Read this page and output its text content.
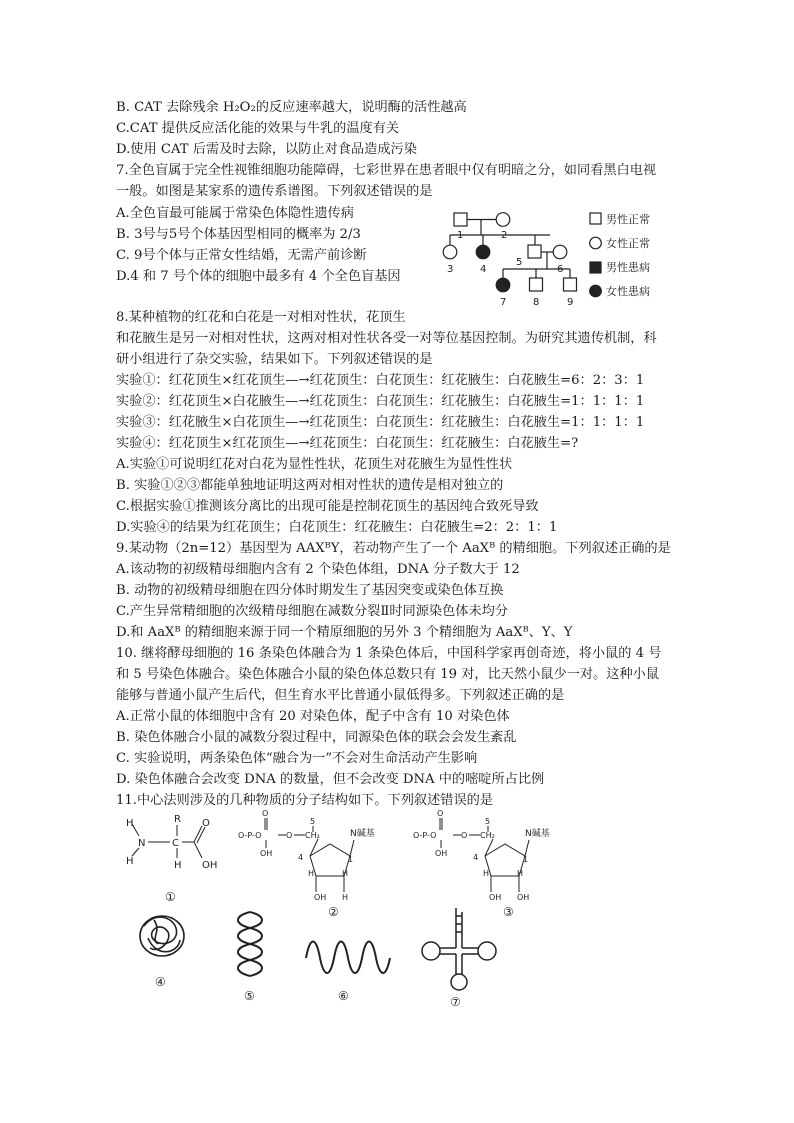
B. CAT 去除残余 H₂O₂的反应速率越大，说明酶的活性越高
C.CAT 提供反应活化能的效果与牛乳的温度有关
D.使用 CAT 后需及时去除，以防止对食品造成污染
7.全色盲属于完全性视锥细胞功能障碍，七彩世界在患者眼中仅有明暗之分，如同看黑白电视
一般。如图是某家系的遗传系谱图。下列叙述错误的是
A.全色盲最可能属于常染色体隐性遗传病
B. 3号与5号个体基因型相同的概率为 2/3
C. 9号个体与正常女性结婚，无需产前诊断
D.4 和 7 号个体的细胞中最多有 4 个全色盲基因
1	2
3	4
5
6
7	8	9
男性正常
女性正常
男性患病
女性患病
8.某种植物的红花和白花是一对相对性状，花顶生
和花腋生是另一对相对性状，这两对相对性状各受一对等位基因控制。为研究其遗传机制，科
研小组进行了杂交实验，结果如下。下列叙述错误的是
实验①：红花顶生×红花顶生—→红花顶生：白花顶生：红花腋生：白花腋生=6：2：3：1
实验②：红花顶生×白花腋生—→红花顶生：白花顶生：红花腋生：白花腋生=1：1：1：1
实验③：红花腋生×白花顶生—→红花顶生：白花顶生：红花腋生：白花腋生=1：1：1：1
实验④：红花顶生×红花顶生—→红花顶生：白花顶生：红花腋生：白花腋生=?
A.实验①可说明红花对白花为显性性状，花顶生对花腋生为显性性状
B. 实验①②③都能单独地证明这两对相对性状的遗传是相对独立的
C.根据实验①推测该分离比的出现可能是控制花顶生的基因纯合致死导致
D.实验④的结果为红花顶生；白花顶生：红花腋生：白花腋生=2：2：1：1
9.某动物（2n=12）基因型为 AAXᴮY，若动物产生了一个 AaXᴮ 的精细胞。下列叙述正确的是
A.该动物的初级精母细胞内含有 2 个染色体组，DNA 分子数大于 12
B. 动物的初级精母细胞在四分体时期发生了基因突变或染色体互换
C.产生异常精细胞的次级精母细胞在减数分裂Ⅱ时同源染色体未均分
D.和 AaXᴮ 的精细胞来源于同一个精原细胞的另外 3 个精细胞为 AaXᴮ、Y、Y
10. 继将酵母细胞的 16 条染色体融合为 1 条染色体后，中国科学家再创奇迹，将小鼠的 4 号
和 5 号染色体融合。染色体融合小鼠的染色体总数只有 19 对，比天然小鼠少一对。这种小鼠
能够与普通小鼠产生后代，但生育水平比普通小鼠低得多。下列叙述正确的是
A.正常小鼠的体细胞中含有 20 对染色体，配子中含有 10 对染色体
B. 染色体融合小鼠的减数分裂过程中，同源染色体的联会会发生紊乱
C. 实验说明，两条染色体“融合为一”不会对生命活动产生影响
D. 染色体融合会改变 DNA 的数量，但不会改变 DNA 中的嘧啶所占比例
11.中心法则涉及的几种物质的分子结构如下。下列叙述错误的是
R
H
N
H
C
H
O
OH
①
O
O-P-O
OH
O CH₂
5
4
N碱基
1
H	H
OH H
②
O
O-P-O
OH
O CH₂
5
4
N碱基
1
H	H
OH OH
③
④
⑤	⑥	⑦
